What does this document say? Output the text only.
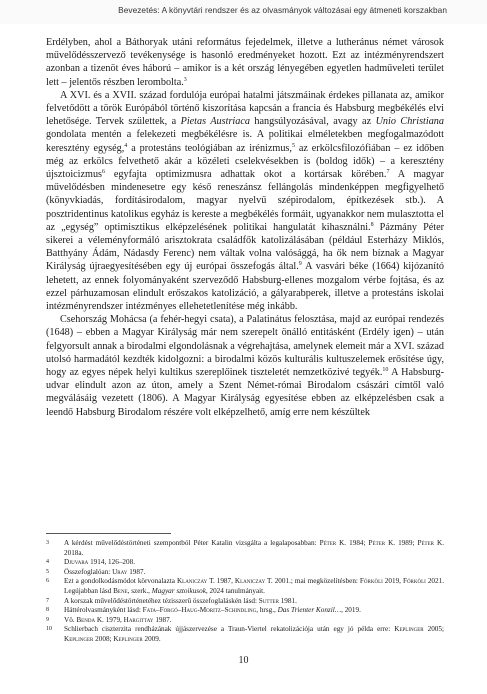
Bevezetés: A könyvtári rendszer és az olvasmányok változásai egy átmeneti korszakban

Erdélyben, ahol a Báthoryak utáni református fejedelmek, illetve a lutheránus német városok művelődésszervező tevékenysége is hasonló eredményeket hozott. Ezt az intézményrendszert azonban a tizenöt éves háború – amikor is a két ország lényegében egyetlen hadműveleti terület lett – jelentős részben lerombolta.$^3$

A XVI. és a XVII. század fordulója európai hatalmi játszmáinak érdekes pillanata az, amikor felvetődött a török Európából történő kiszorítása kapcsán a francia és Habsburg megbékélés elvi lehetősége. Tervek születtek, a Pietas Austriaca hangsúlyozásával, avagy az Unio Christiana gondolata mentén a felekezeti megbékélésre is. A politikai elméletekben megfogalmazódott keresztény egység,$^4$ a protestáns teológiában az irénizmus,$^5$ az erkölcsfilozófiában – ez időben még az erkölcs felvethető akár a közéleti cselekvésekben is (boldog idők) – a keresztény újsztoicizmus$^6$ egyfajta optimizmusra adhattak okot a kortársak körében.$^7$ A magyar művelődésben mindenesetre egy késő reneszánsz fellángolás mindenképpen megfigyelhető (könyvkiadás, fordításirodalom, magyar nyelvű szépirodalom, építkezések stb.). A posztridentinus katolikus egyház is kereste a megbékélés formáit, ugyanakkor nem mulasztotta el az „egység” optimisztikus elképzelésének politikai hangulatát kihasználni.$^8$ Pázmány Péter sikerei a véleményformáló arisztokrata családfők katolizálásában (például Esterházy Miklós, Batthyány Ádám, Nádasdy Ferenc) nem váltak volna valósággá, ha ők nem bíznak a Magyar Királyság újraegyesítésében egy új európai összefogás által.$^9$ A vasvári béke (1664) kijózanító lehetett, az ennek folyományaként szerveződő Habsburg-ellenes mozgalom vérbe fojtása, és az ezzel párhuzamosan elindult erőszakos katolizáció, a gályarabperek, illetve a protestáns iskolai intézményrendszer intézményes ellehetetlenítése még inkább.

Csehország Mohácsa (a fehér-hegyi csata), a Palatinátus felosztása, majd az európai rendezés (1648) – ebben a Magyar Királyság már nem szerepelt önálló entitásként (Erdély igen) – után felgyorsult annak a birodalmi elgondolásnak a végrehajtása, amelynek elemeit már a XVI. század utolsó harmadától kezdték kidolgozni: a birodalmi közös kulturális kultuszelemek erősítése úgy, hogy az egyes népek helyi kultikus szereplőinek tiszteletét nemzetközivé tegyék.$^{10}$ A Habsburg-udvar elindult azon az úton, amely a Szent Német-római Birodalom császári címtől való megválásáig vezetett (1806). A Magyar Királyság egyesítése ebben az elképzelésben csak a leendő Habsburg Birodalom részére volt elképzelhető, amíg erre nem készültek

3	A kérdést művelődéstörténeti szempontból Péter Katalin vizsgálta a legalaposabban: Péter K. 1984; Péter K. 1989; Péter K. 2018a.
4	Djuvara 1914, 126–208.
5	Összefoglalóan: Uray 1987.
6	Ezt a gondolkodásmódot körvonalazta Klaniczay T. 1987, Klaniczay T. 2001.; mai megközelítésben: Förköli 2019, Förköli 2021. Legújabban lásd Bene, szerk., Magyar sztoikusok, 2024 tanulmányait.
7	A korszak művelődéstörténetéhez tézisszerű összefoglaláskén lásd: Sutter 1981.
8	Háttérolvasmányként lásd: Fata–Forgó–Haug-Moritz–Schindling, hrsg., Das Trienter Konzil…, 2019.
9	Vö. Benda K. 1979, Hargittay 1987.
10	Schlierbach ciszterzita rendházának újjászervezése a Traun-Viertel rekatolizációja után egy jó példa erre: Keplinger 2005; Keplinger 2008; Keplinger 2009.
10
